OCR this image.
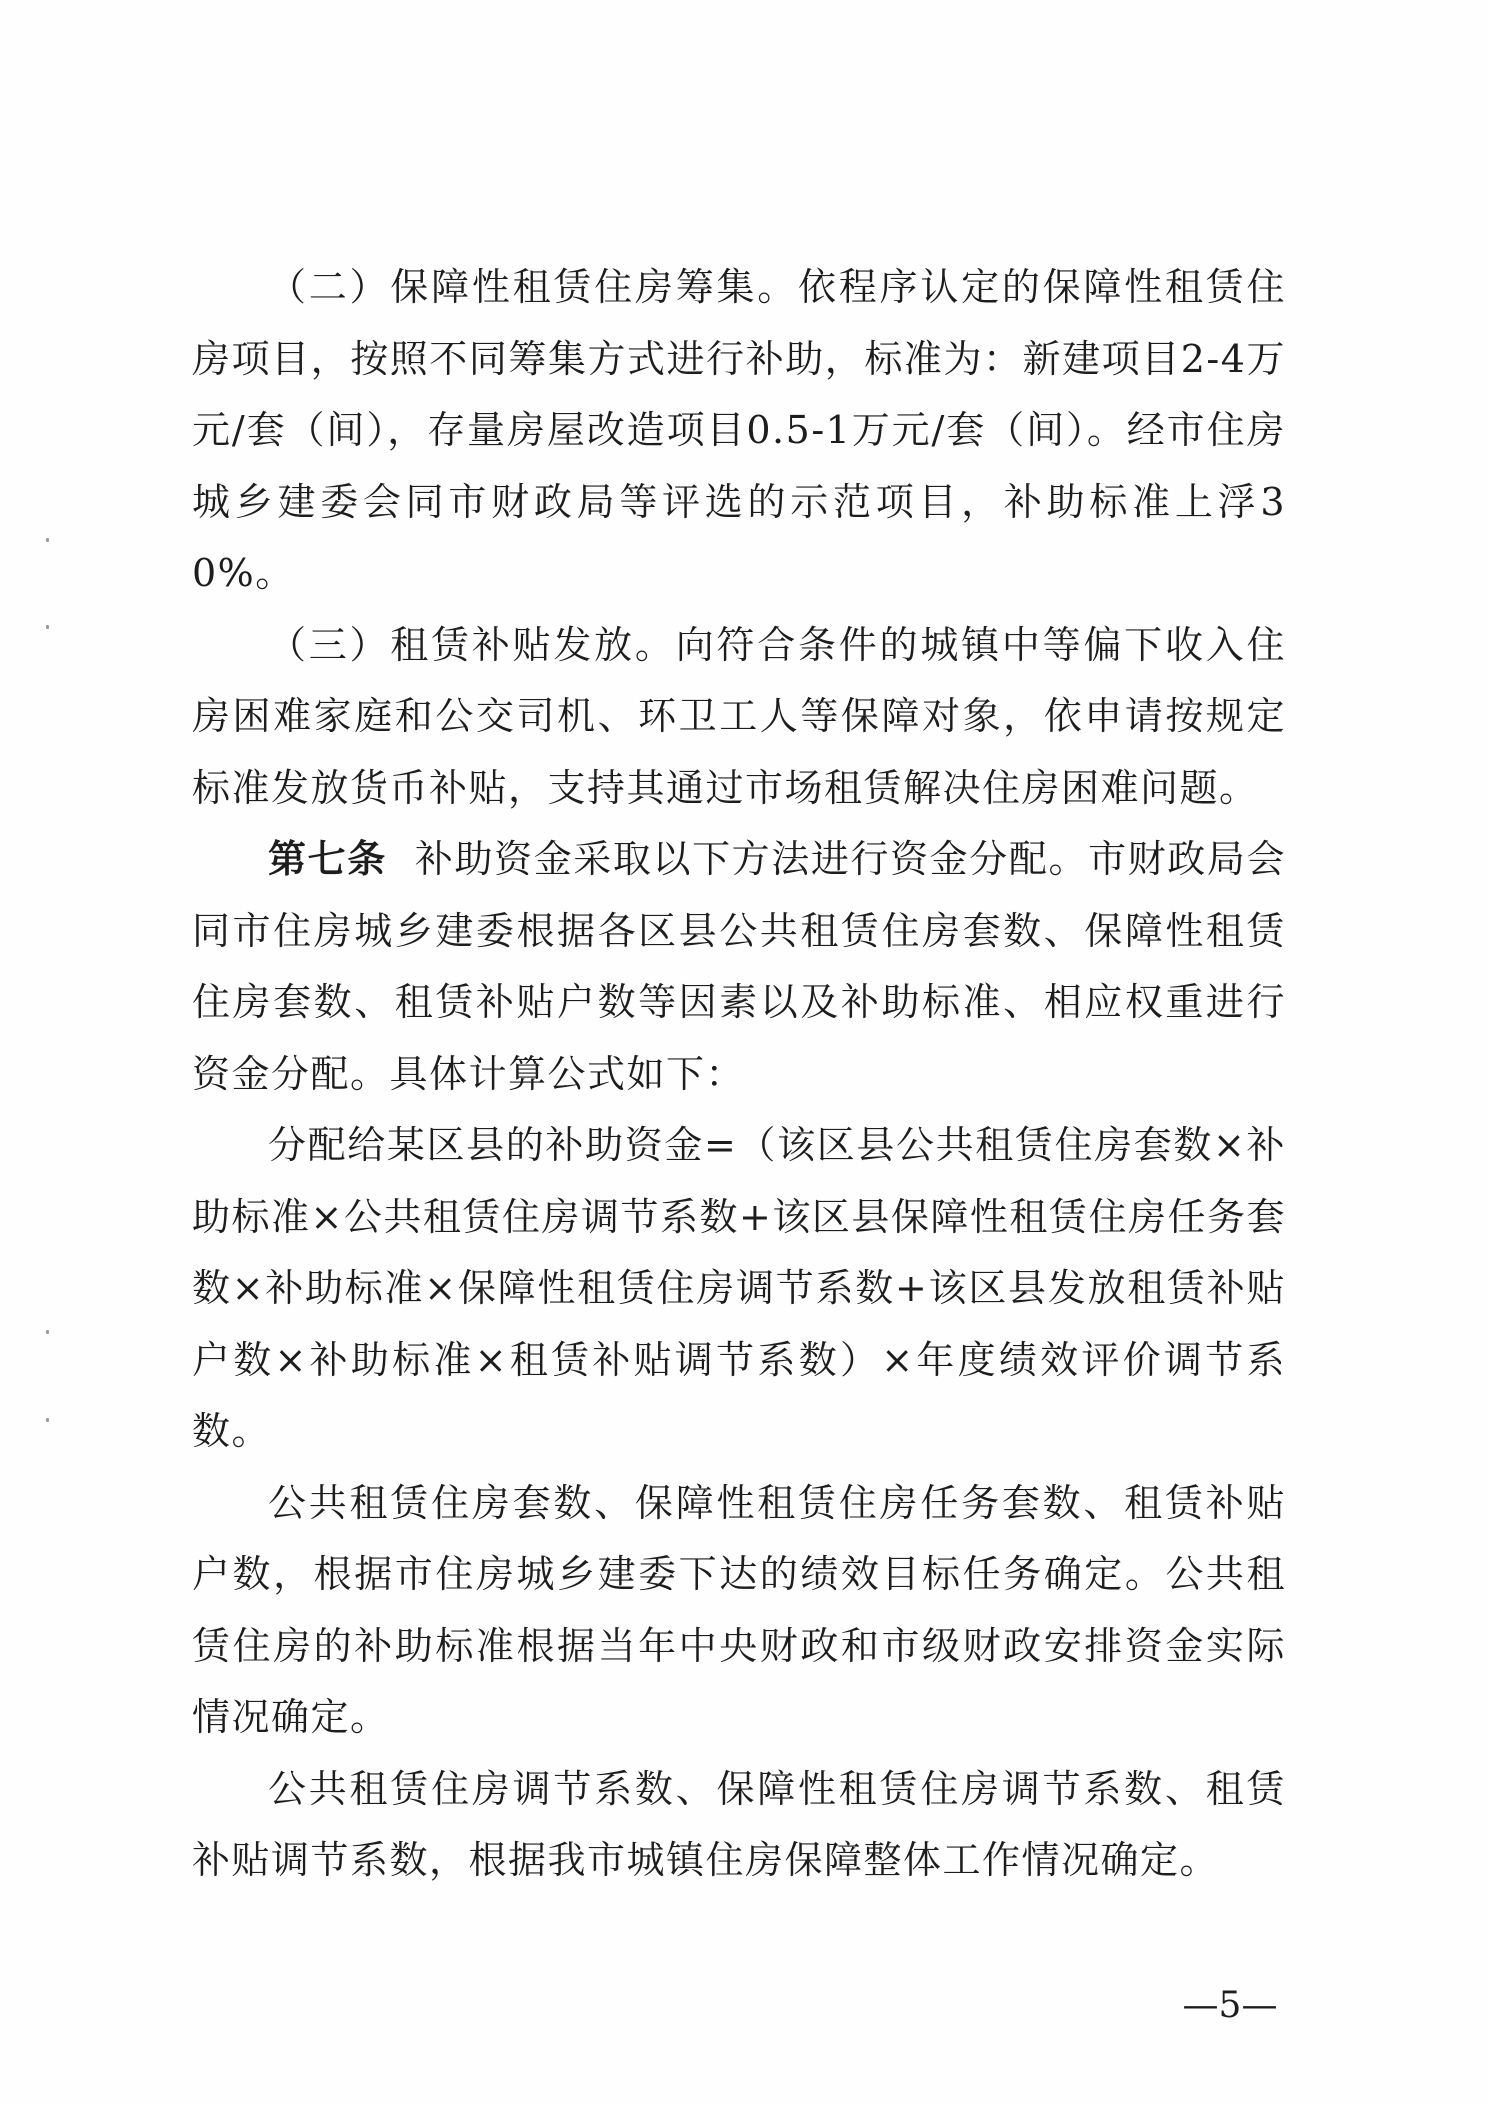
（二）保障性租赁住房筹集。依程序认定的保障性租赁住房项目，按照不同筹集方式进行补助，标准为：新建项目2-4万元/套（间），存量房屋改造项目0.5-1万元/套（间）。经市住房城乡建委会同市财政局等评选的示范项目，补助标准上浮30%。

（三）租赁补贴发放。向符合条件的城镇中等偏下收入住房困难家庭和公交司机、环卫工人等保障对象，依申请按规定标准发放货币补贴，支持其通过市场租赁解决住房困难问题。

第七条 补助资金采取以下方法进行资金分配。市财政局会同市住房城乡建委根据各区县公共租赁住房套数、保障性租赁住房套数、租赁补贴户数等因素以及补助标准、相应权重进行资金分配。具体计算公式如下：

分配给某区县的补助资金=（该区县公共租赁住房套数×补助标准×公共租赁住房调节系数+该区县保障性租赁住房任务套数×补助标准×保障性租赁住房调节系数+该区县发放租赁补贴户数×补助标准×租赁补贴调节系数）×年度绩效评价调节系数。

公共租赁住房套数、保障性租赁住房任务套数、租赁补贴户数，根据市住房城乡建委下达的绩效目标任务确定。公共租赁住房的补助标准根据当年中央财政和市级财政安排资金实际情况确定。

公共租赁住房调节系数、保障性租赁住房调节系数、租赁补贴调节系数，根据我市城镇住房保障整体工作情况确定。

—5—
